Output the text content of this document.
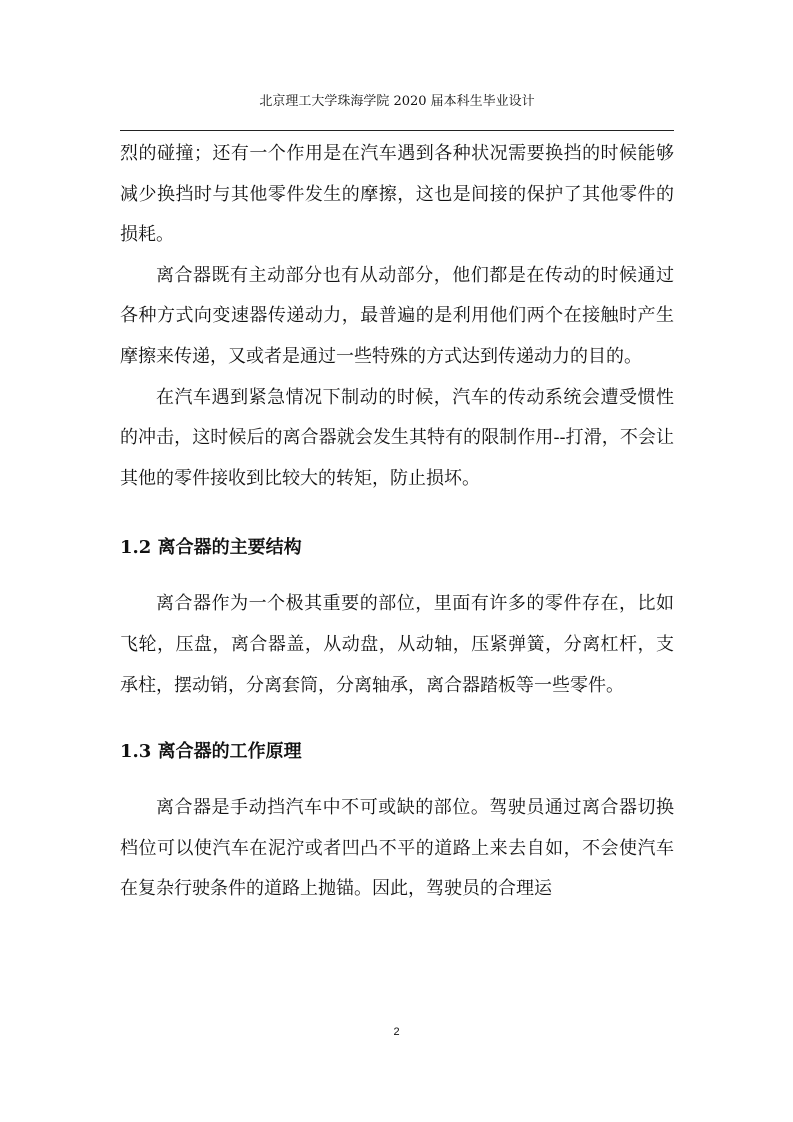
北京理工大学珠海学院 2020 届本科生毕业设计

烈的碰撞；还有一个作用是在汽车遇到各种状况需要换挡的时候能够减少换挡时与其他零件发生的摩擦，这也是间接的保护了其他零件的损耗。

离合器既有主动部分也有从动部分，他们都是在传动的时候通过各种方式向变速器传递动力，最普遍的是利用他们两个在接触时产生摩擦来传递，又或者是通过一些特殊的方式达到传递动力的目的。

在汽车遇到紧急情况下制动的时候，汽车的传动系统会遭受惯性的冲击，这时候后的离合器就会发生其特有的限制作用--打滑，不会让其他的零件接收到比较大的转矩，防止损坏。

1.2 离合器的主要结构

离合器作为一个极其重要的部位，里面有许多的零件存在，比如飞轮，压盘，离合器盖，从动盘，从动轴，压紧弹簧，分离杠杆，支承柱，摆动销，分离套筒，分离轴承，离合器踏板等一些零件。

1.3 离合器的工作原理

离合器是手动挡汽车中不可或缺的部位。驾驶员通过离合器切换档位可以使汽车在泥泞或者凹凸不平的道路上来去自如，不会使汽车在复杂行驶条件的道路上抛锚。因此，驾驶员的合理运

2
